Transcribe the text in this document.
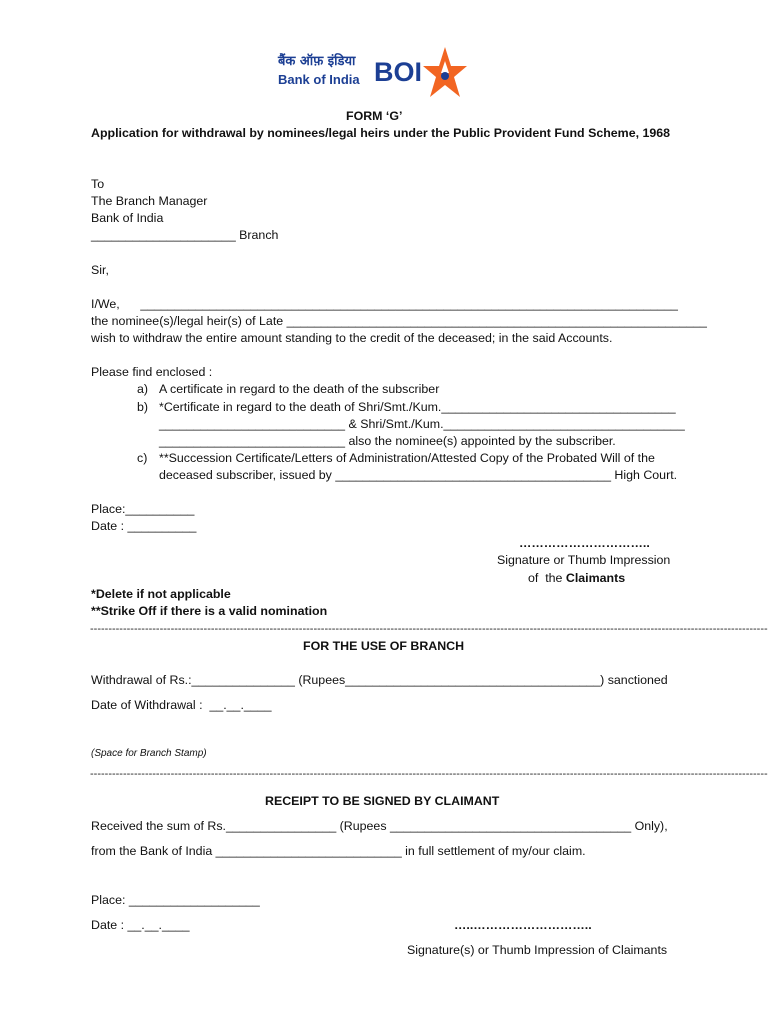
बैंक ऑफ़ इंडिया
Bank of India BOI
FORM ‘G’
Application for withdrawal by nominees/legal heirs under the Public Provident Fund Scheme, 1968
To
The Branch Manager
Bank of India
_____________________ Branch
Sir,
I/We,      ______________________________________________________________________________
the nominee(s)/legal heir(s) of Late _____________________________________________________________
wish to withdraw the entire amount standing to the credit of the deceased; in the said Accounts.
Please find enclosed :
a) A certificate in regard to the death of the subscriber
b) *Certificate in regard to the death of Shri/Smt./Kum.__________________________________
___________________________ & Shri/Smt./Kum.___________________________________
___________________________ also the nominee(s) appointed by the subscriber.
c) **Succession Certificate/Letters of Administration/Attested Copy of the Probated Will of the
deceased subscriber, issued by ________________________________________ High Court.
Place:__________
Date : __________
…………………………..
Signature or Thumb Impression
of  the Claimants
*Delete if not applicable
**Strike Off if there is a valid nomination
-----------------------------------------------------------------------------------------------------------------------------------------------------------------------------------------
FOR THE USE OF BRANCH
Withdrawal of Rs.:_______________ (Rupees_____________________________________) sanctioned
Date of Withdrawal :  __.__.____
(Space for Branch Stamp)
-----------------------------------------------------------------------------------------------------------------------------------------------------------------------------------------
RECEIPT TO BE SIGNED BY CLAIMANT
Received the sum of Rs.________________ (Rupees ___________________________________ Only),
from the Bank of India ___________________________ in full settlement of my/our claim.
Place: ___________________
Date : __.__.____	…..………………………..
Signature(s) or Thumb Impression of Claimants
